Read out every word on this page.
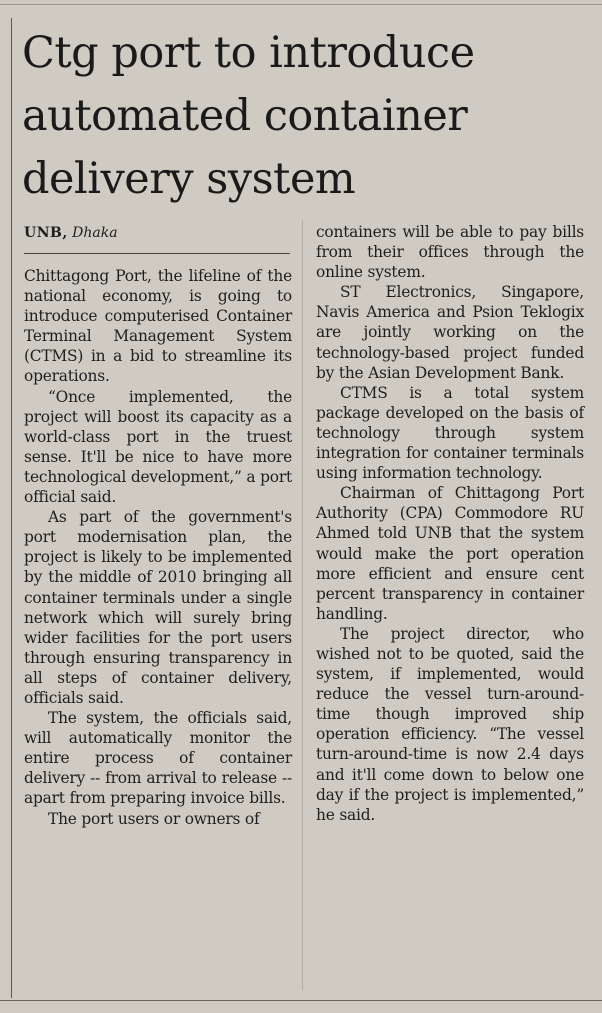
Ctg port to introduce automated container delivery system
UNB, Dhaka

Chittagong Port, the lifeline of the national economy, is going to introduce computerised Container Terminal Management System (CTMS) in a bid to streamline its operations.

“Once implemented, the project will boost its capacity as a world-class port in the truest sense. It'll be nice to have more technological development,” a port official said.

As part of the government's port modernisation plan, the project is likely to be implemented by the middle of 2010 bringing all container terminals under a single network which will surely bring wider facilities for the port users through ensuring transparency in all steps of container delivery, officials said.

The system, the officials said, will automatically monitor the entire process of container delivery -- from arrival to release -- apart from preparing invoice bills.

The port users or owners of

containers will be able to pay bills from their offices through the online system.

ST Electronics, Singapore, Navis America and Psion Teklogix are jointly working on the technology-based project funded by the Asian Development Bank.

CTMS is a total system package developed on the basis of technology through system integration for container terminals using information technology.

Chairman of Chittagong Port Authority (CPA) Commodore RU Ahmed told UNB that the system would make the port operation more efficient and ensure cent percent transparency in container handling.

The project director, who wished not to be quoted, said the system, if implemented, would reduce the vessel turn-around-time though improved ship operation efficiency. “The vessel turn-around-time is now 2.4 days and it'll come down to below one day if the project is implemented,” he said.
